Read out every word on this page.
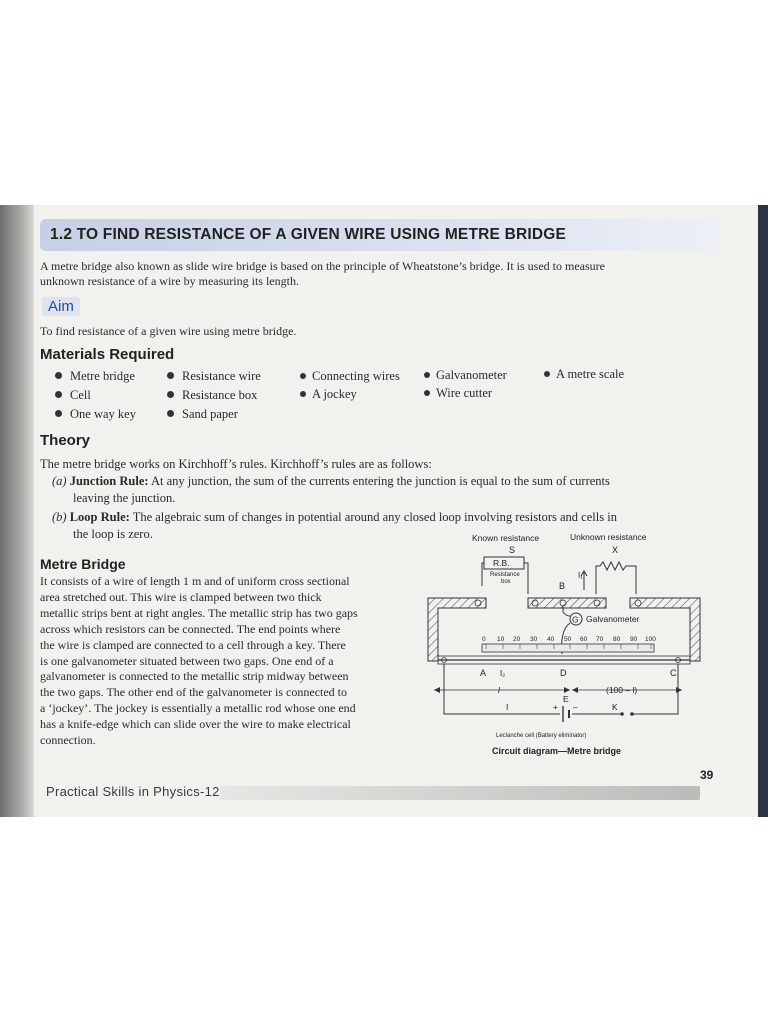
1.2 TO FIND RESISTANCE OF A GIVEN WIRE USING METRE BRIDGE

A metre bridge also known as slide wire bridge is based on the principle of Wheatstone’s bridge. It is used to measure

unknown resistance of a wire by measuring its length.

Aim

To find resistance of a given wire using metre bridge.

Materials Required
Metre bridge
Cell
One way key
Resistance wire
Resistance box
Sand paper
Connecting wires
A jockey
Galvanometer
Wire cutter
A metre scale
Theory

The metre bridge works on Kirchhoff’s rules. Kirchhoff’s rules are as follows:

(a) Junction Rule: At any junction, the sum of the currents entering the junction is equal to the sum of currents
leaving the junction.
(b) Loop Rule: The algebraic sum of changes in potential around any closed loop involving resistors and cells in
the loop is zero.
Metre Bridge
It consists of a wire of length 1 m and of uniform cross sectional
area stretched out. This wire is clamped between two thick
metallic strips bent at right angles. The metallic strip has two gaps
across which resistors can be connected. The end points where
the wire is clamped are connected to a cell through a key. There
is one galvanometer situated between two gaps. One end of a
galvanometer is connected to the metallic strip midway between
the two gaps. The other end of the galvanometer is connected to
a ‘jockey’. The jockey is essentially a metallic rod whose one end
has a knife-edge which can slide over the wire to make electrical
connection.
Known resistance	Unknown resistance
S	X
R.B.
Resistance
box	B
I₁
G Galvanometer
0 10 20 30 40 50 60 70 80 90 100
A I₂	D	C
l	(100 – l)
E
+ –
I	K
Leclanche cell (Battery eliminator)
Circuit diagram—Metre bridge
39
Practical Skills in Physics-12
